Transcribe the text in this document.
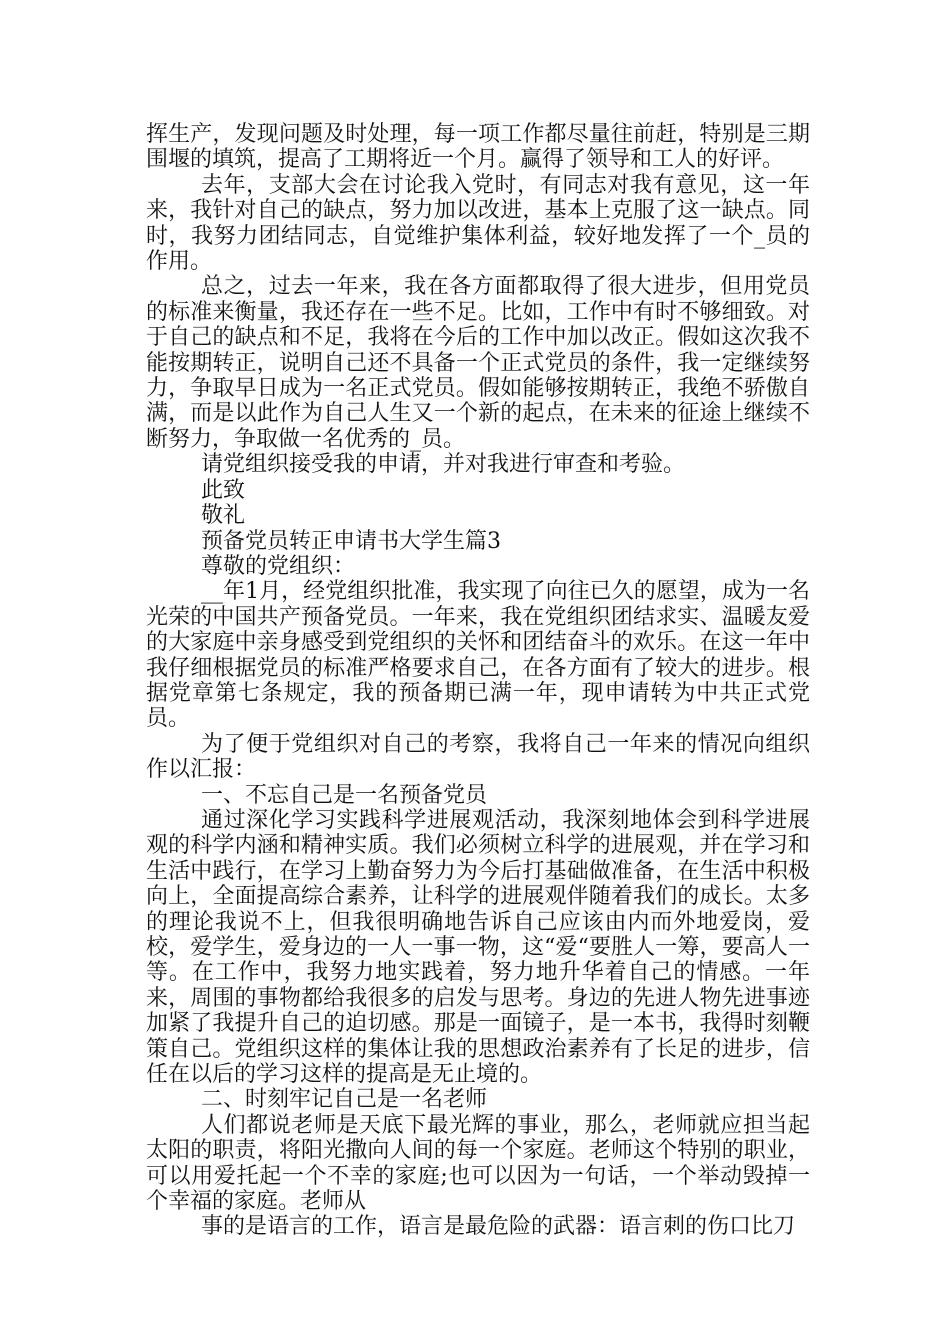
挥生产，发现问题及时处理，每一项工作都尽量往前赶，特别是三期围堰的填筑，提高了工期将近一个月。赢得了领导和工人的好评。

去年，支部大会在讨论我入党时，有同志对我有意见，这一年来，我针对自己的缺点，努力加以改进，基本上克服了这一缺点。同时，我努力团结同志，自觉维护集体利益，较好地发挥了一个_员的作用。

总之，过去一年来，我在各方面都取得了很大进步，但用党员的标准来衡量，我还存在一些不足。比如，工作中有时不够细致。对于自己的缺点和不足，我将在今后的工作中加以改正。假如这次我不能按期转正，说明自己还不具备一个正式党员的条件，我一定继续努力，争取早日成为一名正式党员。假如能够按期转正，我绝不骄傲自满，而是以此作为自己人生又一个新的起点，在未来的征途上继续不断努力，争取做一名优秀的_员。

请党组织接受我的申请，并对我进行审查和考验。

此致

敬礼

预备党员转正申请书大学生篇3

尊敬的党组织：

__年1月，经党组织批准，我实现了向往已久的愿望，成为一名光荣的中国共产预备党员。一年来，我在党组织团结求实、温暖友爱的大家庭中亲身感受到党组织的关怀和团结奋斗的欢乐。在这一年中我仔细根据党员的标准严格要求自己，在各方面有了较大的进步。根据党章第七条规定，我的预备期已满一年，现申请转为中共正式党员。

为了便于党组织对自己的考察，我将自己一年来的情况向组织作以汇报：

一、不忘自己是一名预备党员

通过深化学习实践科学进展观活动，我深刻地体会到科学进展观的科学内涵和精神实质。我们必须树立科学的进展观，并在学习和生活中践行，在学习上勤奋努力为今后打基础做准备，在生活中积极向上，全面提高综合素养，让科学的进展观伴随着我们的成长。太多的理论我说不上，但我很明确地告诉自己应该由内而外地爱岗，爱校，爱学生，爱身边的一人一事一物，这“爱“要胜人一筹，要高人一等。在工作中，我努力地实践着，努力地升华着自己的情感。一年来，周围的事物都给我很多的启发与思考。身边的先进人物先进事迹加紧了我提升自己的迫切感。那是一面镜子，是一本书，我得时刻鞭策自己。党组织这样的集体让我的思想政治素养有了长足的进步，信任在以后的学习这样的提高是无止境的。

二、时刻牢记自己是一名老师

人们都说老师是天底下最光辉的事业，那么，老师就应担当起太阳的职责，将阳光撒向人间的每一个家庭。老师这个特别的职业，可以用爱托起一个不幸的家庭;也可以因为一句话，一个举动毁掉一个幸福的家庭。老师从

事的是语言的工作，语言是最危险的武器：语言刺的伤口比刀
